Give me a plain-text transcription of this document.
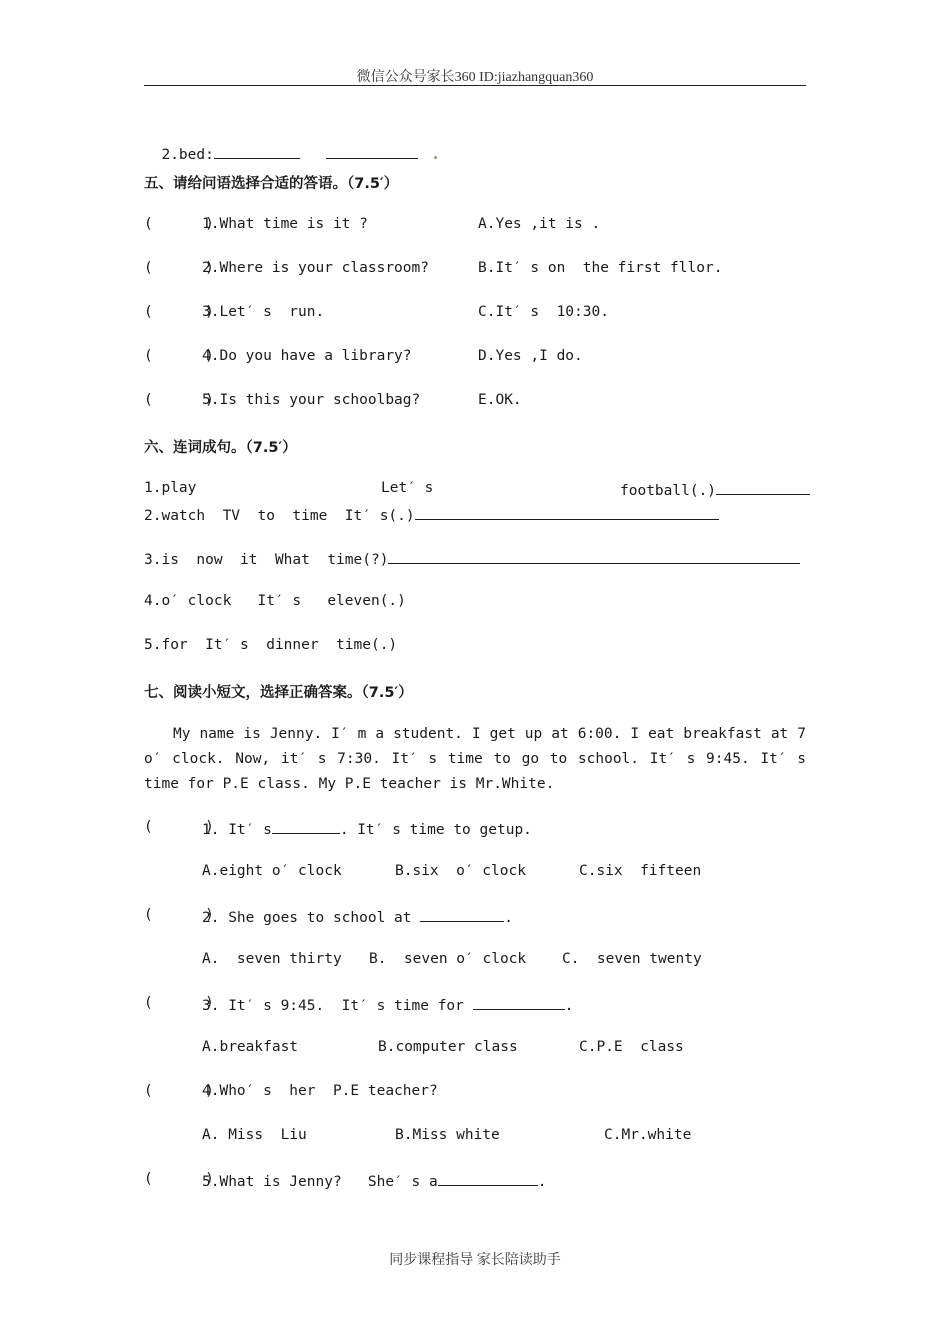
微信公众号家长360 ID:jiazhangquan360

2.bed:

五、请给问语选择合适的答语。（7.5′）
(      )
1.What time is it ?	A.Yes ,it is .
(      )
2.Where is your classroom?	B.It′ s on  the first fllor.
(      )
3.Let′ s  run.	C.It′ s  10:30.
(      )
4.Do you have a library?	D.Yes ,I do.
(      )
5.Is this your schoolbag?	E.OK.
六、连词成句。（7.5′）
1.play	Let′ s	football(.)
2.watch  TV  to  time  It′ s(.)
3.is  now  it  What  time(?)
4.o′ clock   It′ s   eleven(.)
5.for  It′ s  dinner  time(.)
七、阅读小短文，选择正确答案。（7.5′）
My name is Jenny. I′ m a student. I get up at 6:00. I eat breakfast at 7 o′ clock. Now, it′ s 7:30. It′ s time to go to school. It′ s 9:45. It′ s time for P.E class. My P.E teacher is Mr.White.
(      )
1. It′ s	. It′ s time to getup.
A.eight o′ clock	B.six  o′ clock	C.six  fifteen
(      )
2. She goes to school at	.
A.  seven thirty B.  seven o′ clock C.  seven twenty
(      )
3. It′ s 9:45.  It′ s time for	.
A.breakfast	B.computer class	C.P.E  class
(      )
4.Who′ s  her  P.E teacher?
A. Miss  Liu	B.Miss white	C.Mr.white
(      )
5.What is Jenny?   She′ s a	.
同步课程指导 家长陪读助手
